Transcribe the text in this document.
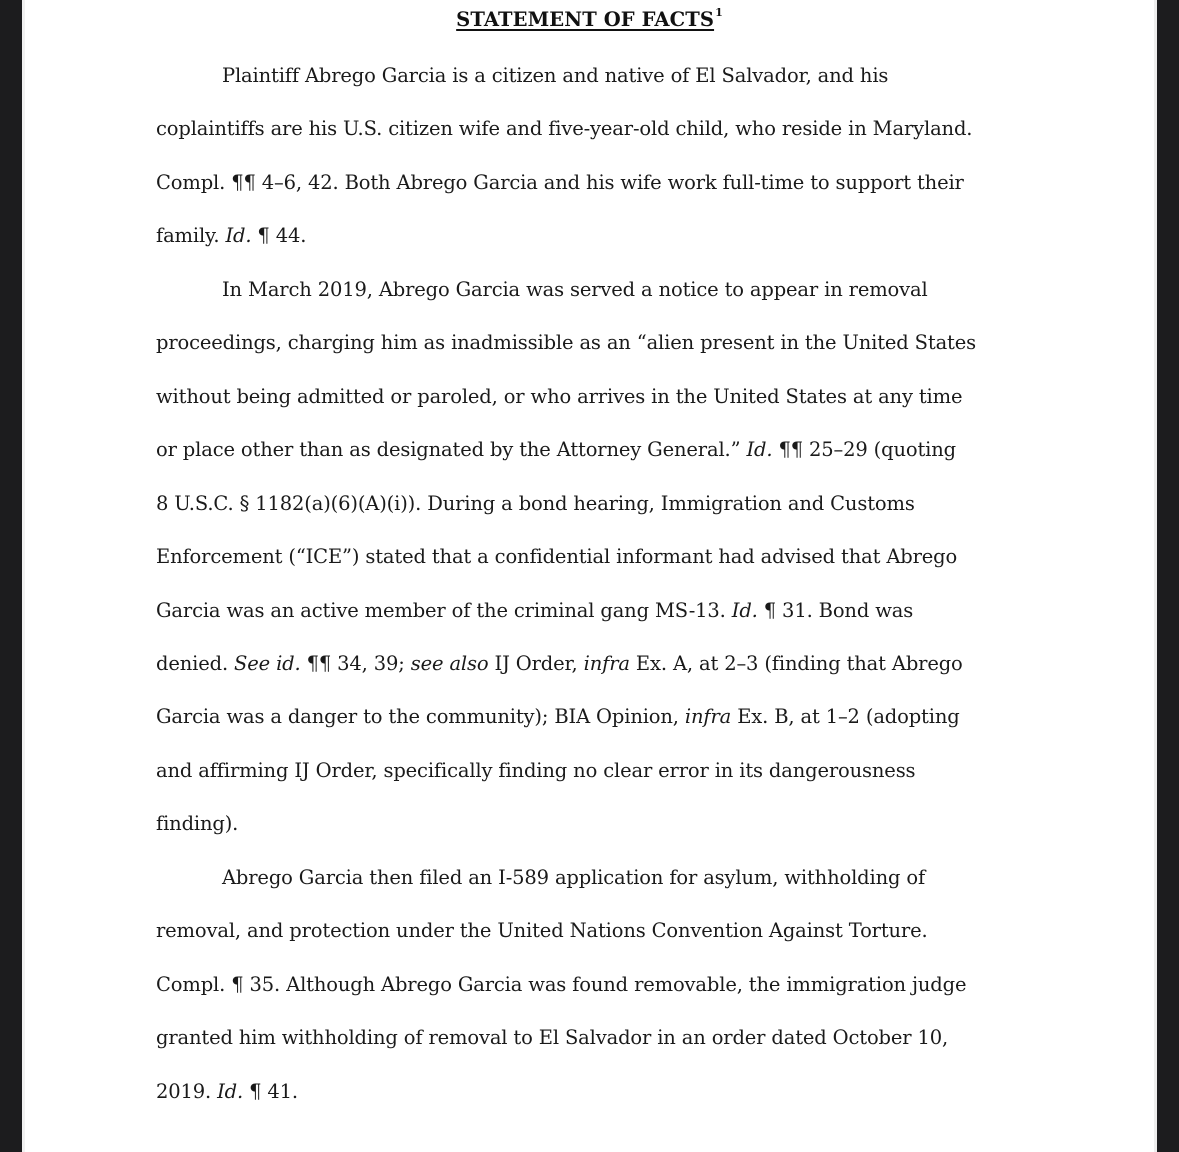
STATEMENT OF FACTS$^1$
Plaintiff Abrego Garcia is a citizen and native of El Salvador, and his
coplaintiffs are his U.S. citizen wife and five-year-old child, who reside in Maryland.
Compl. ¶¶ 4–6, 42. Both Abrego Garcia and his wife work full-time to support their
family. Id. ¶ 44.
In March 2019, Abrego Garcia was served a notice to appear in removal
proceedings, charging him as inadmissible as an “alien present in the United States
without being admitted or paroled, or who arrives in the United States at any time
or place other than as designated by the Attorney General.” Id. ¶¶ 25–29 (quoting
8 U.S.C. § 1182(a)(6)(A)(i)). During a bond hearing, Immigration and Customs
Enforcement (“ICE”) stated that a confidential informant had advised that Abrego
Garcia was an active member of the criminal gang MS-13. Id. ¶ 31. Bond was
denied. See id. ¶¶ 34, 39; see also IJ Order, infra Ex. A, at 2–3 (finding that Abrego
Garcia was a danger to the community); BIA Opinion, infra Ex. B, at 1–2 (adopting
and affirming IJ Order, specifically finding no clear error in its dangerousness
finding).
Abrego Garcia then filed an I-589 application for asylum, withholding of
removal, and protection under the United Nations Convention Against Torture.
Compl. ¶ 35. Although Abrego Garcia was found removable, the immigration judge
granted him withholding of removal to El Salvador in an order dated October 10,
2019. Id. ¶ 41.
